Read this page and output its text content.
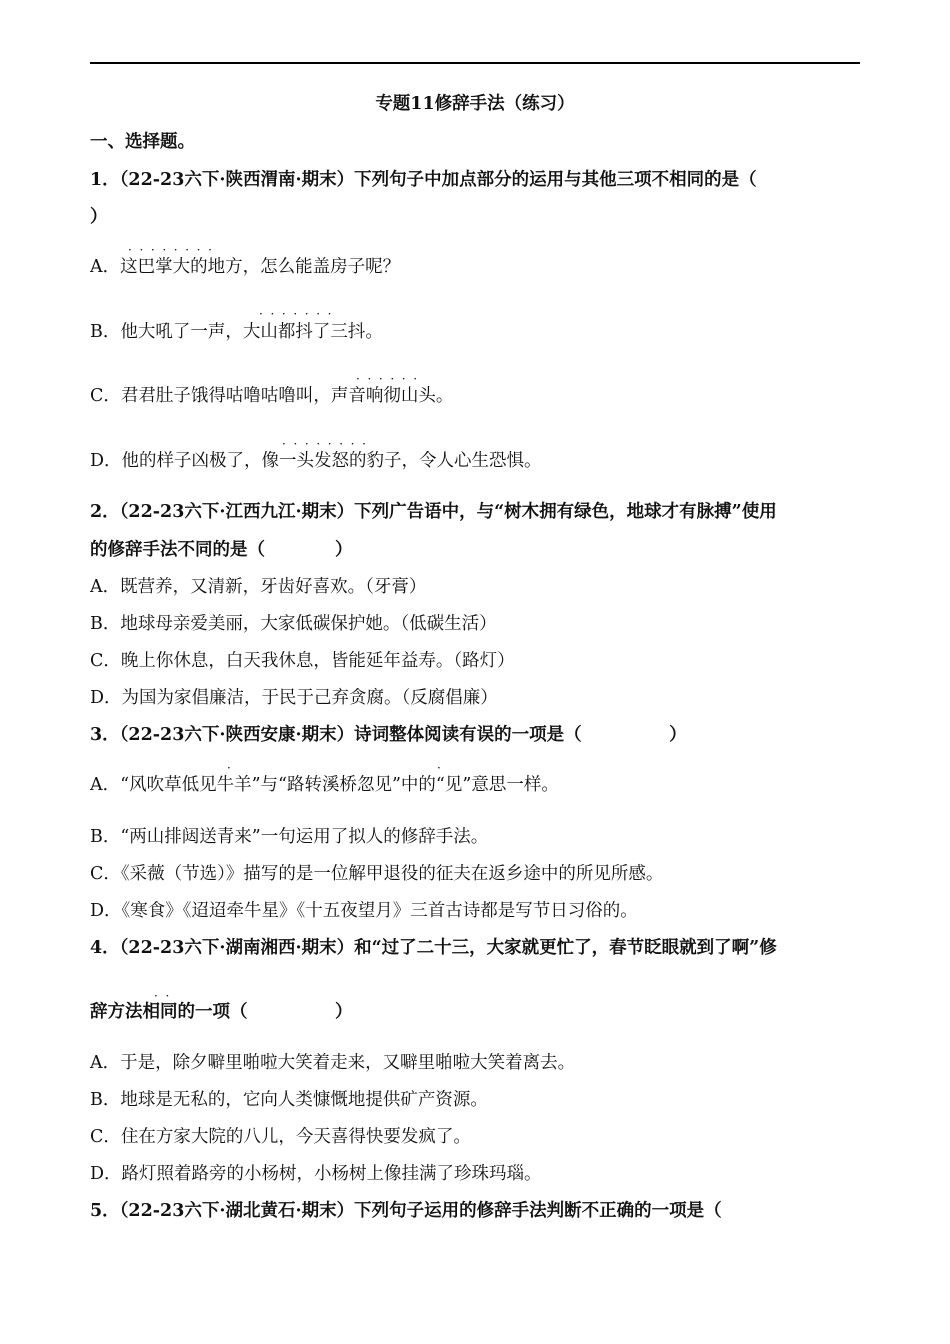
专题11修辞手法（练习）
一、选择题。
1．（22-23六下·陕西渭南·期末）下列句子中加点部分的运用与其他三项不相同的是（
）
·  ·  ·  ·  ·  ·  ·  ·
A．这巴掌大的地方，怎么能盖房子呢？
·  ·  ·  ·  ·  ·  ·
B．他大吼了一声，大山都抖了三抖。
·  ·  ·  ·  ·  ·
C．君君肚子饿得咕噜咕噜叫，声音响彻山头。
·  ·  ·  ·  ·  ·  ·  ·
D．他的样子凶极了，像一头发怒的豹子，令人心生恐惧。
2．（22-23六下·江西九江·期末）下列广告语中，与“树木拥有绿色，地球才有脉搏”使用
的修辞手法不同的是（　　　　）
A．既营养，又清新，牙齿好喜欢。（牙膏）
B．地球母亲爱美丽，大家低碳保护她。（低碳生活）
C．晚上你休息，白天我休息，皆能延年益寿。（路灯）
D．为国为家倡廉洁，于民于己弃贪腐。（反腐倡廉）
3．（22-23六下·陕西安康·期末）诗词整体阅读有误的一项是（　　　　　）
·	·
A．“风吹草低见牛羊”与“路转溪桥忽见”中的“见”意思一样。
B．“两山排闼送青来”一句运用了拟人的修辞手法。
C．《采薇（节选）》描写的是一位解甲退役的征夫在返乡途中的所见所感。
D．《寒食》《迢迢牵牛星》《十五夜望月》三首古诗都是写节日习俗的。
4．（22-23六下·湖南湘西·期末）和“过了二十三，大家就更忙了，春节眨眼就到了啊”修
·  ·
辞方法相同的一项（　　　　　）
A．于是，除夕噼里啪啦大笑着走来，又噼里啪啦大笑着离去。
B．地球是无私的，它向人类慷慨地提供矿产资源。
C．住在方家大院的八儿，今天喜得快要发疯了。
D．路灯照着路旁的小杨树，小杨树上像挂满了珍珠玛瑙。
5．（22-23六下·湖北黄石·期末）下列句子运用的修辞手法判断不正确的一项是（
